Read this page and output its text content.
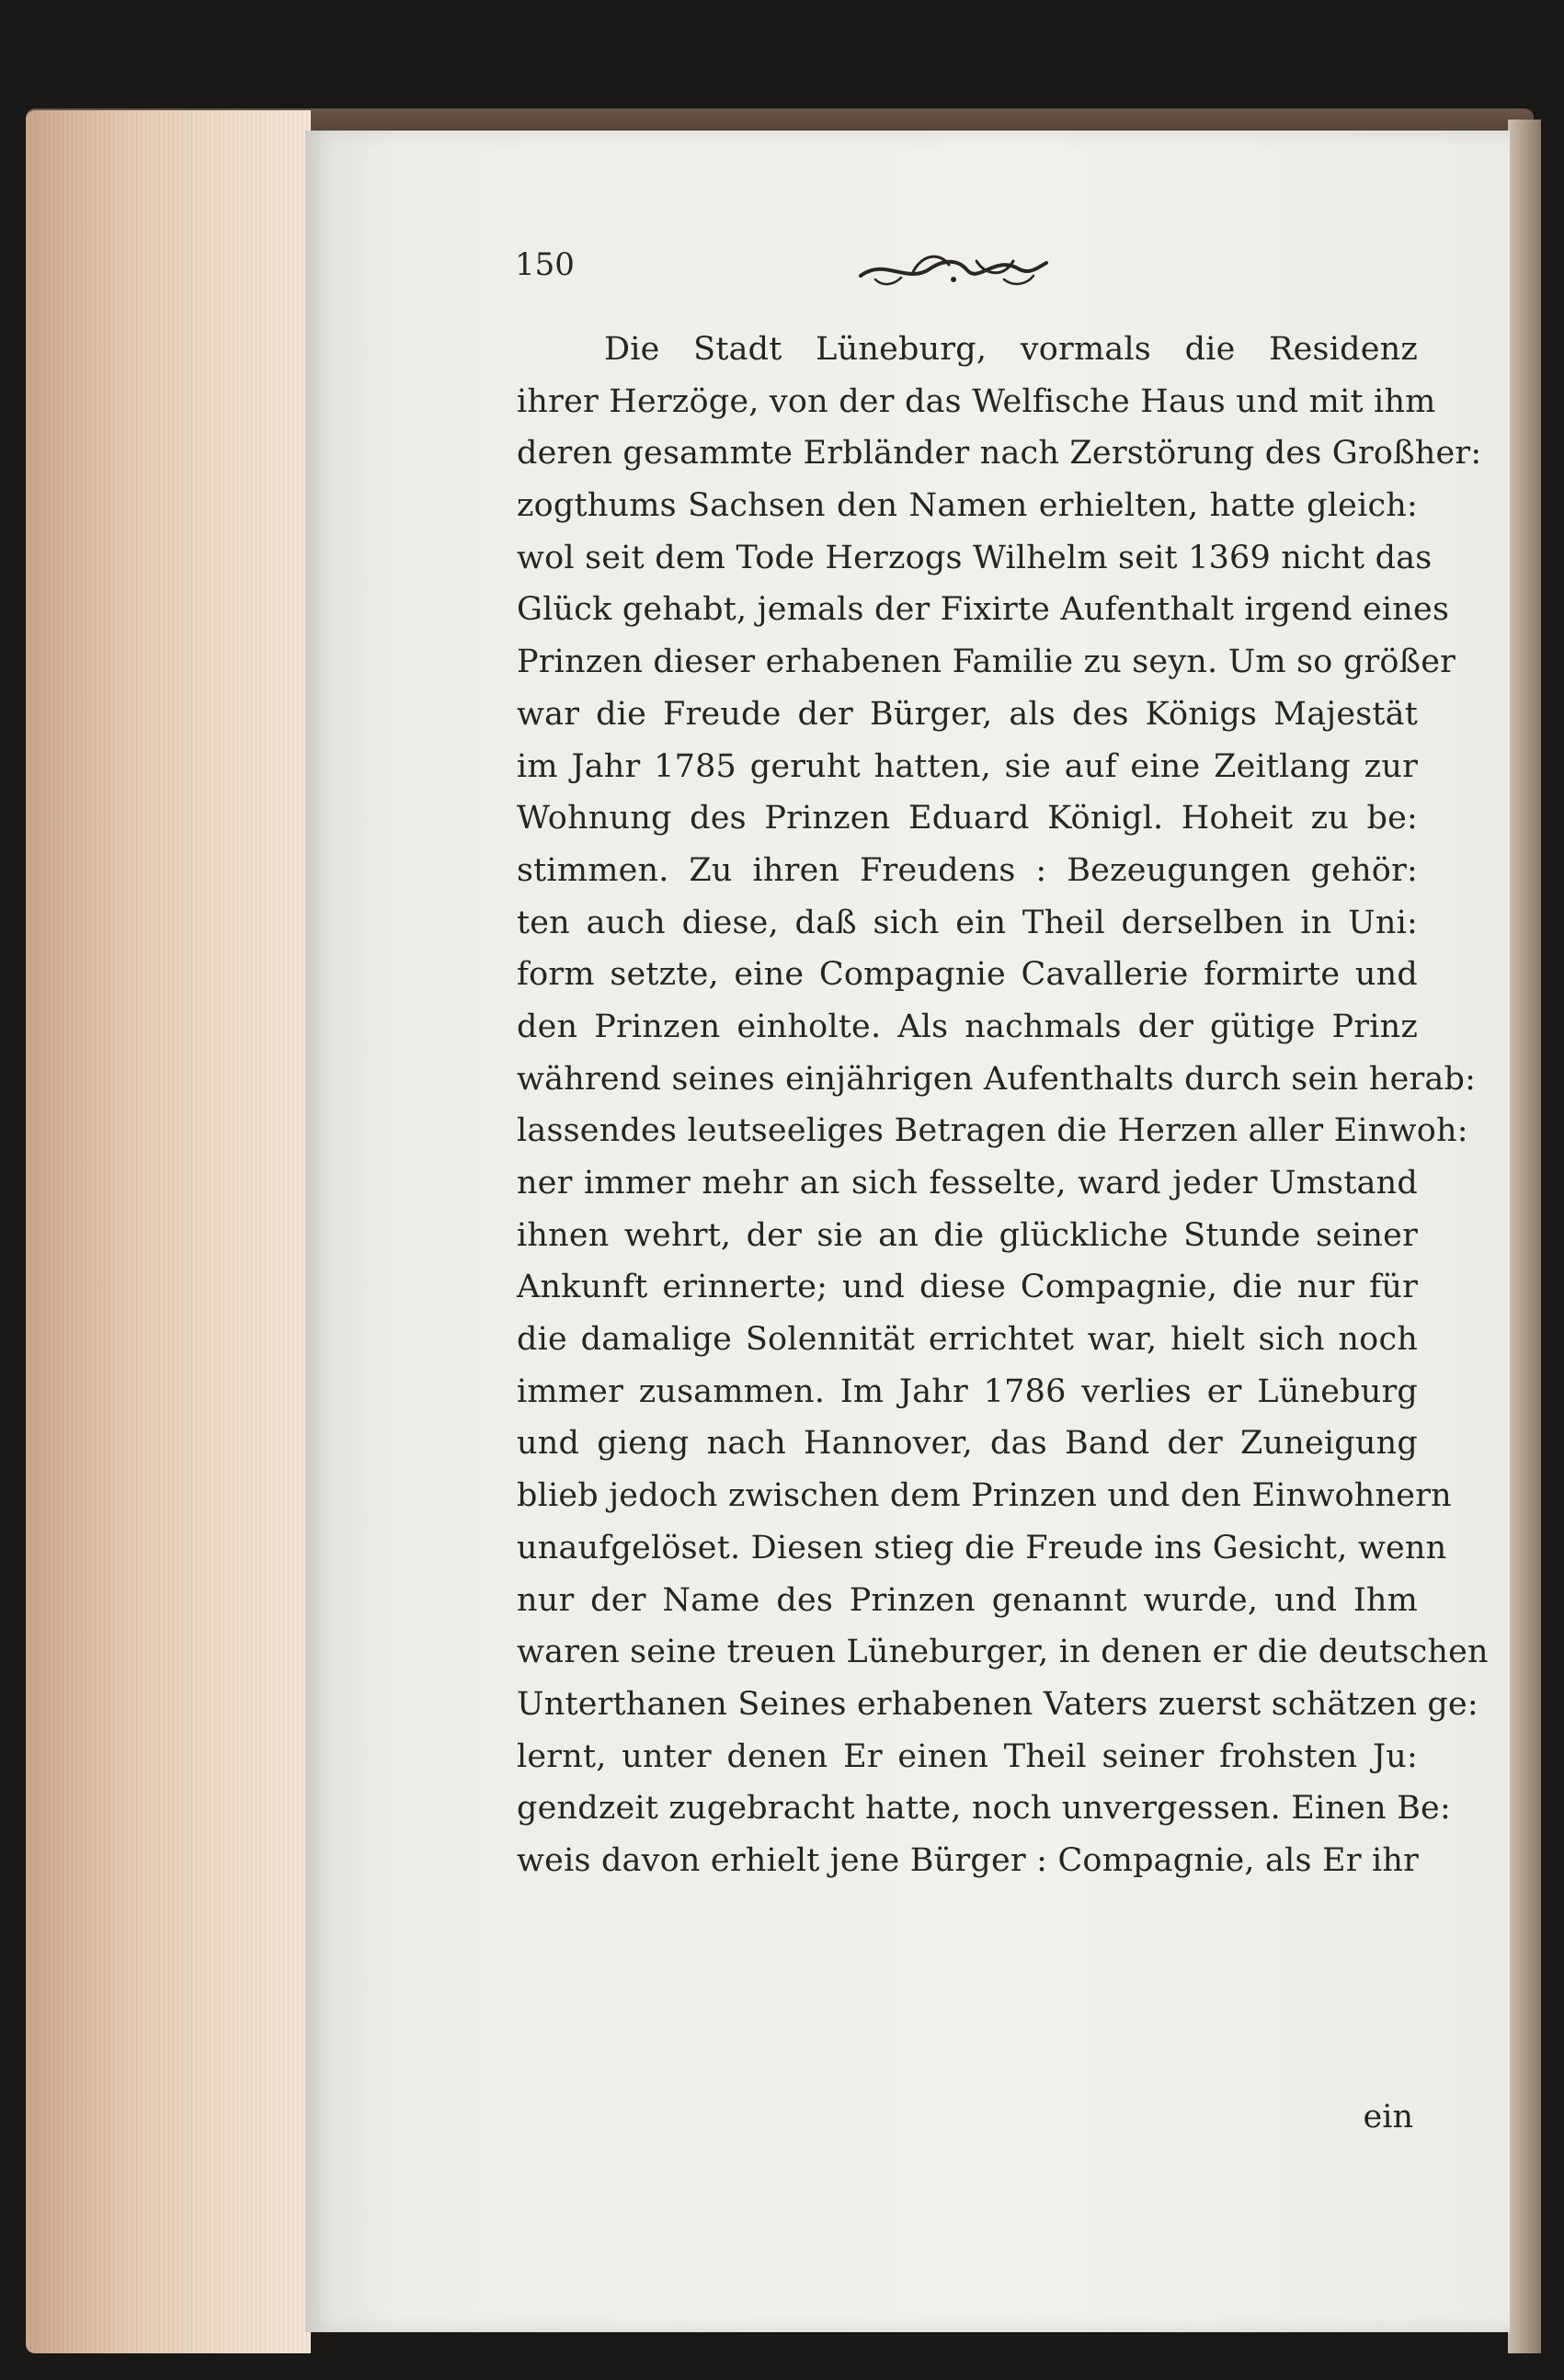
150
Die Stadt Lüneburg, vormals die Residenz
ihrer Herzöge, von der das Welfische Haus und mit ihm
deren gesammte Erbländer nach Zerstörung des Großher:
zogthums Sachsen den Namen erhielten, hatte gleich:
wol seit dem Tode Herzogs Wilhelm seit 1369 nicht das
Glück gehabt, jemals der Fixirte Aufenthalt irgend eines
Prinzen dieser erhabenen Familie zu seyn. Um so größer
war die Freude der Bürger, als des Königs Majestät
im Jahr 1785 geruht hatten, sie auf eine Zeitlang zur
Wohnung des Prinzen Eduard Königl. Hoheit zu be:
stimmen. Zu ihren Freudens : Bezeugungen gehör:
ten auch diese, daß sich ein Theil derselben in Uni:
form setzte, eine Compagnie Cavallerie formirte und
den Prinzen einholte. Als nachmals der gütige Prinz
während seines einjährigen Aufenthalts durch sein herab:
lassendes leutseeliges Betragen die Herzen aller Einwoh:
ner immer mehr an sich fesselte, ward jeder Umstand
ihnen wehrt, der sie an die glückliche Stunde seiner
Ankunft erinnerte; und diese Compagnie, die nur für
die damalige Solennität errichtet war, hielt sich noch
immer zusammen. Im Jahr 1786 verlies er Lüneburg
und gieng nach Hannover, das Band der Zuneigung
blieb jedoch zwischen dem Prinzen und den Einwohnern
unaufgelöset. Diesen stieg die Freude ins Gesicht, wenn
nur der Name des Prinzen genannt wurde, und Ihm
waren seine treuen Lüneburger, in denen er die deutschen
Unterthanen Seines erhabenen Vaters zuerst schätzen ge:
lernt, unter denen Er einen Theil seiner frohsten Ju:
gendzeit zugebracht hatte, noch unvergessen. Einen Be:
weis davon erhielt jene Bürger : Compagnie, als Er ihr
ein
